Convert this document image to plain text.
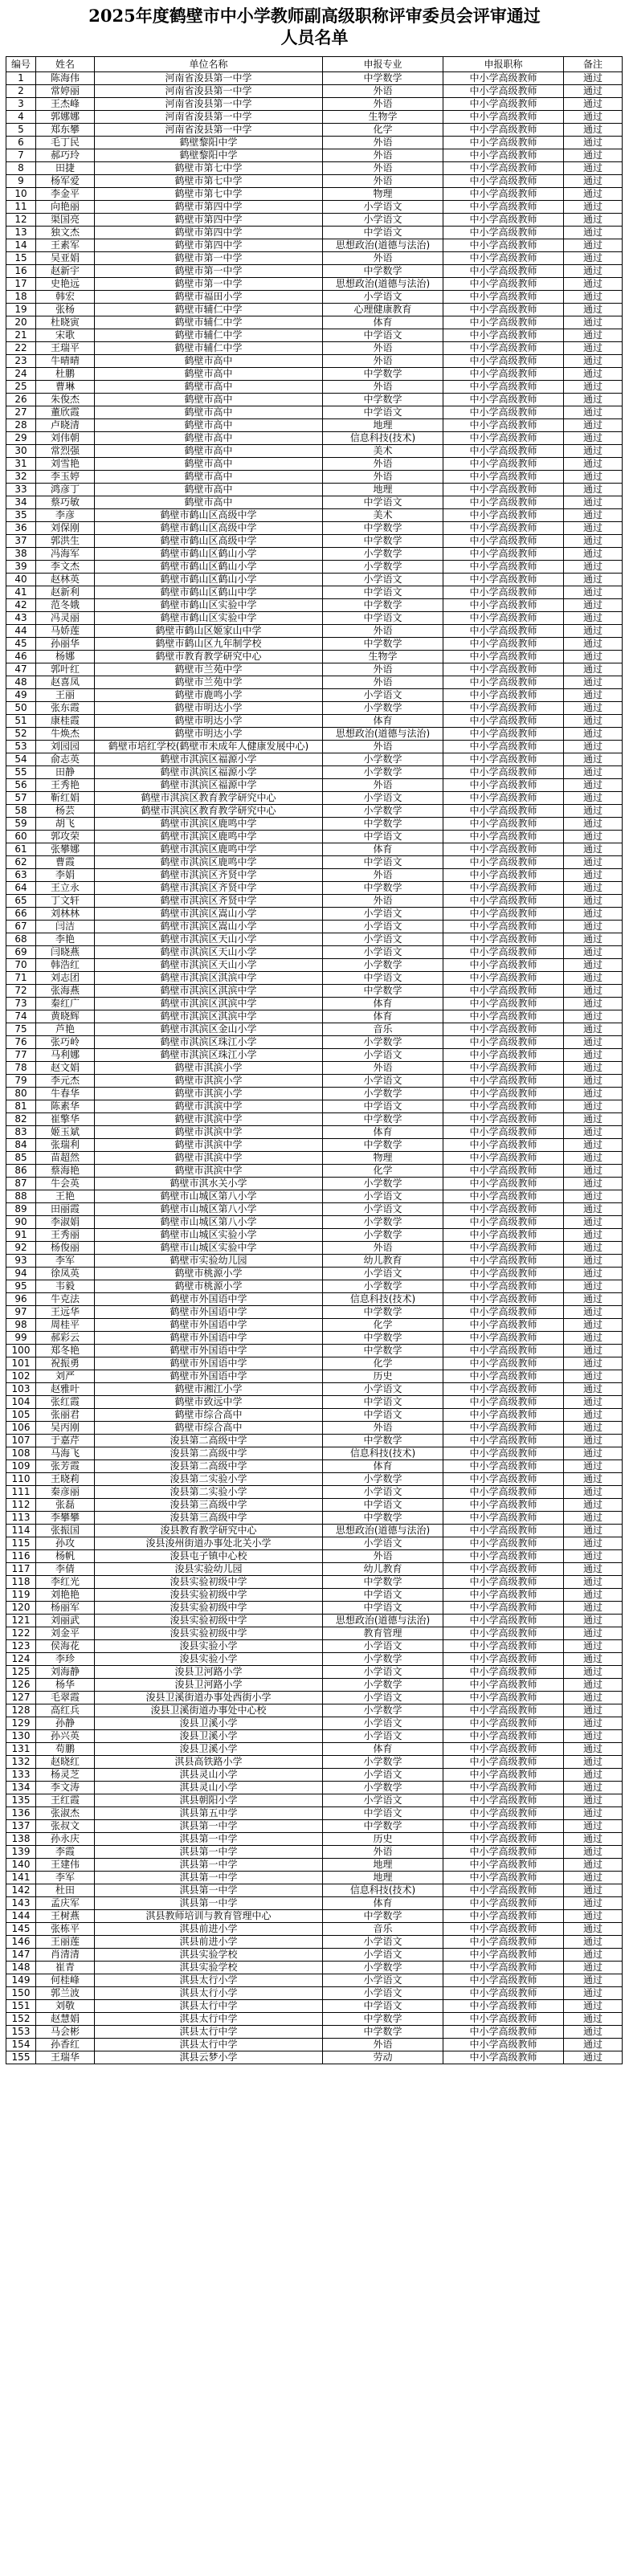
2025年度鹤壁市中小学教师副高级职称评审委员会评审通过
人员名单
编号	姓名	单位名称	申报专业	申报职称	备注
1	陈海伟	河南省浚县第一中学	中学数学	中小学高级教师	通过
2	常婷丽	河南省浚县第一中学	外语	中小学高级教师	通过
3	王杰峰	河南省浚县第一中学	外语	中小学高级教师	通过
4	郭娜娜	河南省浚县第一中学	生物学	中小学高级教师	通过
5	郑东攀	河南省浚县第一中学	化学	中小学高级教师	通过
6	毛丁民	鹤壁黎阳中学	外语	中小学高级教师	通过
7	郝巧玲	鹤壁黎阳中学	外语	中小学高级教师	通过
8	田捷	鹤壁市第七中学	外语	中小学高级教师	通过
9	杨军爱	鹤壁市第七中学	外语	中小学高级教师	通过
10	李金平	鹤壁市第七中学	物理	中小学高级教师	通过
11	向艳丽	鹤壁市第四中学	小学语文	中小学高级教师	通过
12	渠国亮	鹤壁市第四中学	小学语文	中小学高级教师	通过
13	独文杰	鹤壁市第四中学	中学语文	中小学高级教师	通过
14	王素军	鹤壁市第四中学	思想政治(道德与法治)	中小学高级教师	通过
15	吴亚娟	鹤壁市第一中学	外语	中小学高级教师	通过
16	赵新宇	鹤壁市第一中学	中学数学	中小学高级教师	通过
17	史艳远	鹤壁市第一中学	思想政治(道德与法治)	中小学高级教师	通过
18	韩宏	鹤壁市福田小学	小学语文	中小学高级教师	通过
19	张杨	鹤壁市辅仁中学	心理健康教育	中小学高级教师	通过
20	杜晓寅	鹤壁市辅仁中学	体育	中小学高级教师	通过
21	宋歌	鹤壁市辅仁中学	中学语文	中小学高级教师	通过
22	王瑞平	鹤壁市辅仁中学	外语	中小学高级教师	通过
23	牛晴晴	鹤壁市高中	外语	中小学高级教师	通过
24	杜鹏	鹤壁市高中	中学数学	中小学高级教师	通过
25	曹琳	鹤壁市高中	外语	中小学高级教师	通过
26	朱俊杰	鹤壁市高中	中学数学	中小学高级教师	通过
27	董欣霞	鹤壁市高中	中学语文	中小学高级教师	通过
28	卢晓清	鹤壁市高中	地理	中小学高级教师	通过
29	刘伟朝	鹤壁市高中	信息科技(技术)	中小学高级教师	通过
30	常烈强	鹤壁市高中	美术	中小学高级教师	通过
31	刘雪艳	鹤壁市高中	外语	中小学高级教师	通过
32	李玉婷	鹤壁市高中	外语	中小学高级教师	通过
33	鸿彦丁	鹤壁市高中	地理	中小学高级教师	通过
34	蔡巧敏	鹤壁市高中	中学语文	中小学高级教师	通过
35	李彦	鹤壁市鹤山区高级中学	美术	中小学高级教师	通过
36	刘保刚	鹤壁市鹤山区高级中学	中学数学	中小学高级教师	通过
37	郭洪生	鹤壁市鹤山区高级中学	中学数学	中小学高级教师	通过
38	冯海军	鹤壁市鹤山区鹤山小学	小学数学	中小学高级教师	通过
39	李文杰	鹤壁市鹤山区鹤山小学	小学数学	中小学高级教师	通过
40	赵林英	鹤壁市鹤山区鹤山小学	小学语文	中小学高级教师	通过
41	赵新利	鹤壁市鹤山区鹤山中学	中学语文	中小学高级教师	通过
42	范冬娥	鹤壁市鹤山区实验中学	中学数学	中小学高级教师	通过
43	冯灵丽	鹤壁市鹤山区实验中学	中学语文	中小学高级教师	通过
44	马娇莲	鹤壁市鹤山区姬家山中学	外语	中小学高级教师	通过
45	孙丽华	鹤壁市鹤山区九年制学校	中学数学	中小学高级教师	通过
46	杨娜	鹤壁市教育教学研究中心	生物学	中小学高级教师	通过
47	郭叶红	鹤壁市兰苑中学	外语	中小学高级教师	通过
48	赵喜凤	鹤壁市兰苑中学	外语	中小学高级教师	通过
49	王丽	鹤壁市鹿鸣小学	小学语文	中小学高级教师	通过
50	张东霞	鹤壁市明达小学	小学数学	中小学高级教师	通过
51	康桂霞	鹤壁市明达小学	体育	中小学高级教师	通过
52	牛焕杰	鹤壁市明达小学	思想政治(道德与法治)	中小学高级教师	通过
53	刘园园	鹤壁市培红学校(鹤壁市未成年人健康发展中心)	外语	中小学高级教师	通过
54	俞志英	鹤壁市淇滨区福源小学	小学数学	中小学高级教师	通过
55	田静	鹤壁市淇滨区福源小学	小学数学	中小学高级教师	通过
56	王秀艳	鹤壁市淇滨区福源中学	外语	中小学高级教师	通过
57	靳红娟	鹤壁市淇滨区教育教学研究中心	小学语文	中小学高级教师	通过
58	杨芸	鹤壁市淇滨区教育教学研究中心	小学数学	中小学高级教师	通过
59	胡飞	鹤壁市淇滨区鹿鸣中学	中学数学	中小学高级教师	通过
60	郭攻荣	鹤壁市淇滨区鹿鸣中学	中学语文	中小学高级教师	通过
61	张攀娜	鹤壁市淇滨区鹿鸣中学	体育	中小学高级教师	通过
62	曹霞	鹤壁市淇滨区鹿鸣中学	中学语文	中小学高级教师	通过
63	李娟	鹤壁市淇滨区齐贤中学	外语	中小学高级教师	通过
64	王立永	鹤壁市淇滨区齐贤中学	中学数学	中小学高级教师	通过
65	丁文轩	鹤壁市淇滨区齐贤中学	外语	中小学高级教师	通过
66	刘林林	鹤壁市淇滨区嵩山小学	小学语文	中小学高级教师	通过
67	闫洁	鹤壁市淇滨区嵩山小学	小学语文	中小学高级教师	通过
68	李艳	鹤壁市淇滨区天山小学	小学语文	中小学高级教师	通过
69	闫晓燕	鹤壁市淇滨区天山小学	小学语文	中小学高级教师	通过
70	韩浩红	鹤壁市淇滨区天山小学	小学数学	中小学高级教师	通过
71	刘志团	鹤壁市淇滨区淇滨中学	中学语文	中小学高级教师	通过
72	张海燕	鹤壁市淇滨区淇滨中学	中学数学	中小学高级教师	通过
73	秦红广	鹤壁市淇滨区淇滨中学	体育	中小学高级教师	通过
74	黄晓辉	鹤壁市淇滨区淇滨中学	体育	中小学高级教师	通过
75	芦艳	鹤壁市淇滨区金山小学	音乐	中小学高级教师	通过
76	张巧岭	鹤壁市淇滨区珠江小学	小学数学	中小学高级教师	通过
77	马利娜	鹤壁市淇滨区珠江小学	小学语文	中小学高级教师	通过
78	赵文娟	鹤壁市淇滨小学	外语	中小学高级教师	通过
79	李元杰	鹤壁市淇滨小学	小学语文	中小学高级教师	通过
80	牛春华	鹤壁市淇滨小学	小学数学	中小学高级教师	通过
81	陈素华	鹤壁市淇滨中学	中学语文	中小学高级教师	通过
82	崔擎华	鹤壁市淇滨中学	中学数学	中小学高级教师	通过
83	姬玉斌	鹤壁市淇滨中学	体育	中小学高级教师	通过
84	张瑞利	鹤壁市淇滨中学	中学数学	中小学高级教师	通过
85	苗超然	鹤壁市淇滨中学	物理	中小学高级教师	通过
86	蔡海艳	鹤壁市淇滨中学	化学	中小学高级教师	通过
87	牛会英	鹤壁市淇水关小学	小学数学	中小学高级教师	通过
88	王艳	鹤壁市山城区第八小学	小学语文	中小学高级教师	通过
89	田丽霞	鹤壁市山城区第八小学	小学语文	中小学高级教师	通过
90	李淑娟	鹤壁市山城区第八小学	小学数学	中小学高级教师	通过
91	王秀丽	鹤壁市山城区实验小学	小学数学	中小学高级教师	通过
92	杨俊丽	鹤壁市山城区实验中学	外语	中小学高级教师	通过
93	李军	鹤壁市实验幼儿园	幼儿教育	中小学高级教师	通过
94	徐凤英	鹤壁市桃源小学	小学语文	中小学高级教师	通过
95	韦毅	鹤壁市桃源小学	小学数学	中小学高级教师	通过
96	牛克法	鹤壁市外国语中学	信息科技(技术)	中小学高级教师	通过
97	王远华	鹤壁市外国语中学	中学数学	中小学高级教师	通过
98	周桂平	鹤壁市外国语中学	化学	中小学高级教师	通过
99	郝彩云	鹤壁市外国语中学	中学数学	中小学高级教师	通过
100	郑冬艳	鹤壁市外国语中学	中学数学	中小学高级教师	通过
101	祝振勇	鹤壁市外国语中学	化学	中小学高级教师	通过
102	刘严	鹤壁市外国语中学	历史	中小学高级教师	通过
103	赵雅叶	鹤壁市湘江小学	小学语文	中小学高级教师	通过
104	张红霞	鹤壁市致远中学	中学语文	中小学高级教师	通过
105	张丽君	鹤壁市综合高中	中学语文	中小学高级教师	通过
106	吴丙刚	鹤壁市综合高中	外语	中小学高级教师	通过
107	于嘉芹	浚县第二高级中学	中学数学	中小学高级教师	通过
108	马海飞	浚县第二高级中学	信息科技(技术)	中小学高级教师	通过
109	张芳霞	浚县第二高级中学	体育	中小学高级教师	通过
110	王晓莉	浚县第二实验小学	小学数学	中小学高级教师	通过
111	秦彦丽	浚县第二实验小学	小学语文	中小学高级教师	通过
112	张磊	浚县第三高级中学	中学语文	中小学高级教师	通过
113	李攀攀	浚县第三高级中学	中学数学	中小学高级教师	通过
114	张振国	浚县教育教学研究中心	思想政治(道德与法治)	中小学高级教师	通过
115	孙攻	浚县浚州街道办事处北关小学	小学语文	中小学高级教师	通过
116	杨帆	浚县屯子镇中心校	外语	中小学高级教师	通过
117	李倩	浚县实验幼儿园	幼儿教育	中小学高级教师	通过
118	李红光	浚县实验初级中学	中学数学	中小学高级教师	通过
119	刘艳艳	浚县实验初级中学	中学语文	中小学高级教师	通过
120	杨丽军	浚县实验初级中学	中学语文	中小学高级教师	通过
121	刘丽武	浚县实验初级中学	思想政治(道德与法治)	中小学高级教师	通过
122	刘金平	浚县实验初级中学	教育管理	中小学高级教师	通过
123	侯海花	浚县实验小学	小学语文	中小学高级教师	通过
124	李珍	浚县实验小学	小学数学	中小学高级教师	通过
125	刘海静	浚县卫河路小学	小学语文	中小学高级教师	通过
126	杨华	浚县卫河路小学	小学数学	中小学高级教师	通过
127	毛翠霞	浚县卫溪街道办事处西街小学	小学语文	中小学高级教师	通过
128	高红兵	浚县卫溪街道办事处中心校	小学数学	中小学高级教师	通过
129	孙静	浚县卫溪小学	小学语文	中小学高级教师	通过
130	孙兴英	浚县卫溪小学	小学语文	中小学高级教师	通过
131	苟鹏	浚县卫溪小学	体育	中小学高级教师	通过
132	赵晓红	淇县高铁路小学	小学数学	中小学高级教师	通过
133	杨灵芝	淇县灵山小学	小学语文	中小学高级教师	通过
134	李文涛	淇县灵山小学	小学数学	中小学高级教师	通过
135	王红霞	淇县朝阳小学	小学语文	中小学高级教师	通过
136	张淑杰	淇县第五中学	中学语文	中小学高级教师	通过
137	张叔文	淇县第一中学	中学数学	中小学高级教师	通过
138	孙永庆	淇县第一中学	历史	中小学高级教师	通过
139	李霞	淇县第一中学	外语	中小学高级教师	通过
140	王建伟	淇县第一中学	地理	中小学高级教师	通过
141	李军	淇县第一中学	地理	中小学高级教师	通过
142	杜田	淇县第一中学	信息科技(技术)	中小学高级教师	通过
143	孟庆军	淇县第一中学	体育	中小学高级教师	通过
144	王树燕	淇县教师培训与教育管理中心	中学数学	中小学高级教师	通过
145	张栋平	淇县前进小学	音乐	中小学高级教师	通过
146	王丽莲	淇县前进小学	小学语文	中小学高级教师	通过
147	肖清清	淇县实验学校	小学语文	中小学高级教师	通过
148	崔青	淇县实验学校	小学数学	中小学高级教师	通过
149	何桂峰	淇县太行小学	小学语文	中小学高级教师	通过
150	郭兰波	淇县太行小学	小学语文	中小学高级教师	通过
151	刘敬	淇县太行中学	中学语文	中小学高级教师	通过
152	赵慧娟	淇县太行中学	中学数学	中小学高级教师	通过
153	马会彬	淇县太行中学	中学数学	中小学高级教师	通过
154	孙香红	淇县太行中学	外语	中小学高级教师	通过
155	王瑞华	淇县云梦小学	劳动	中小学高级教师	通过
